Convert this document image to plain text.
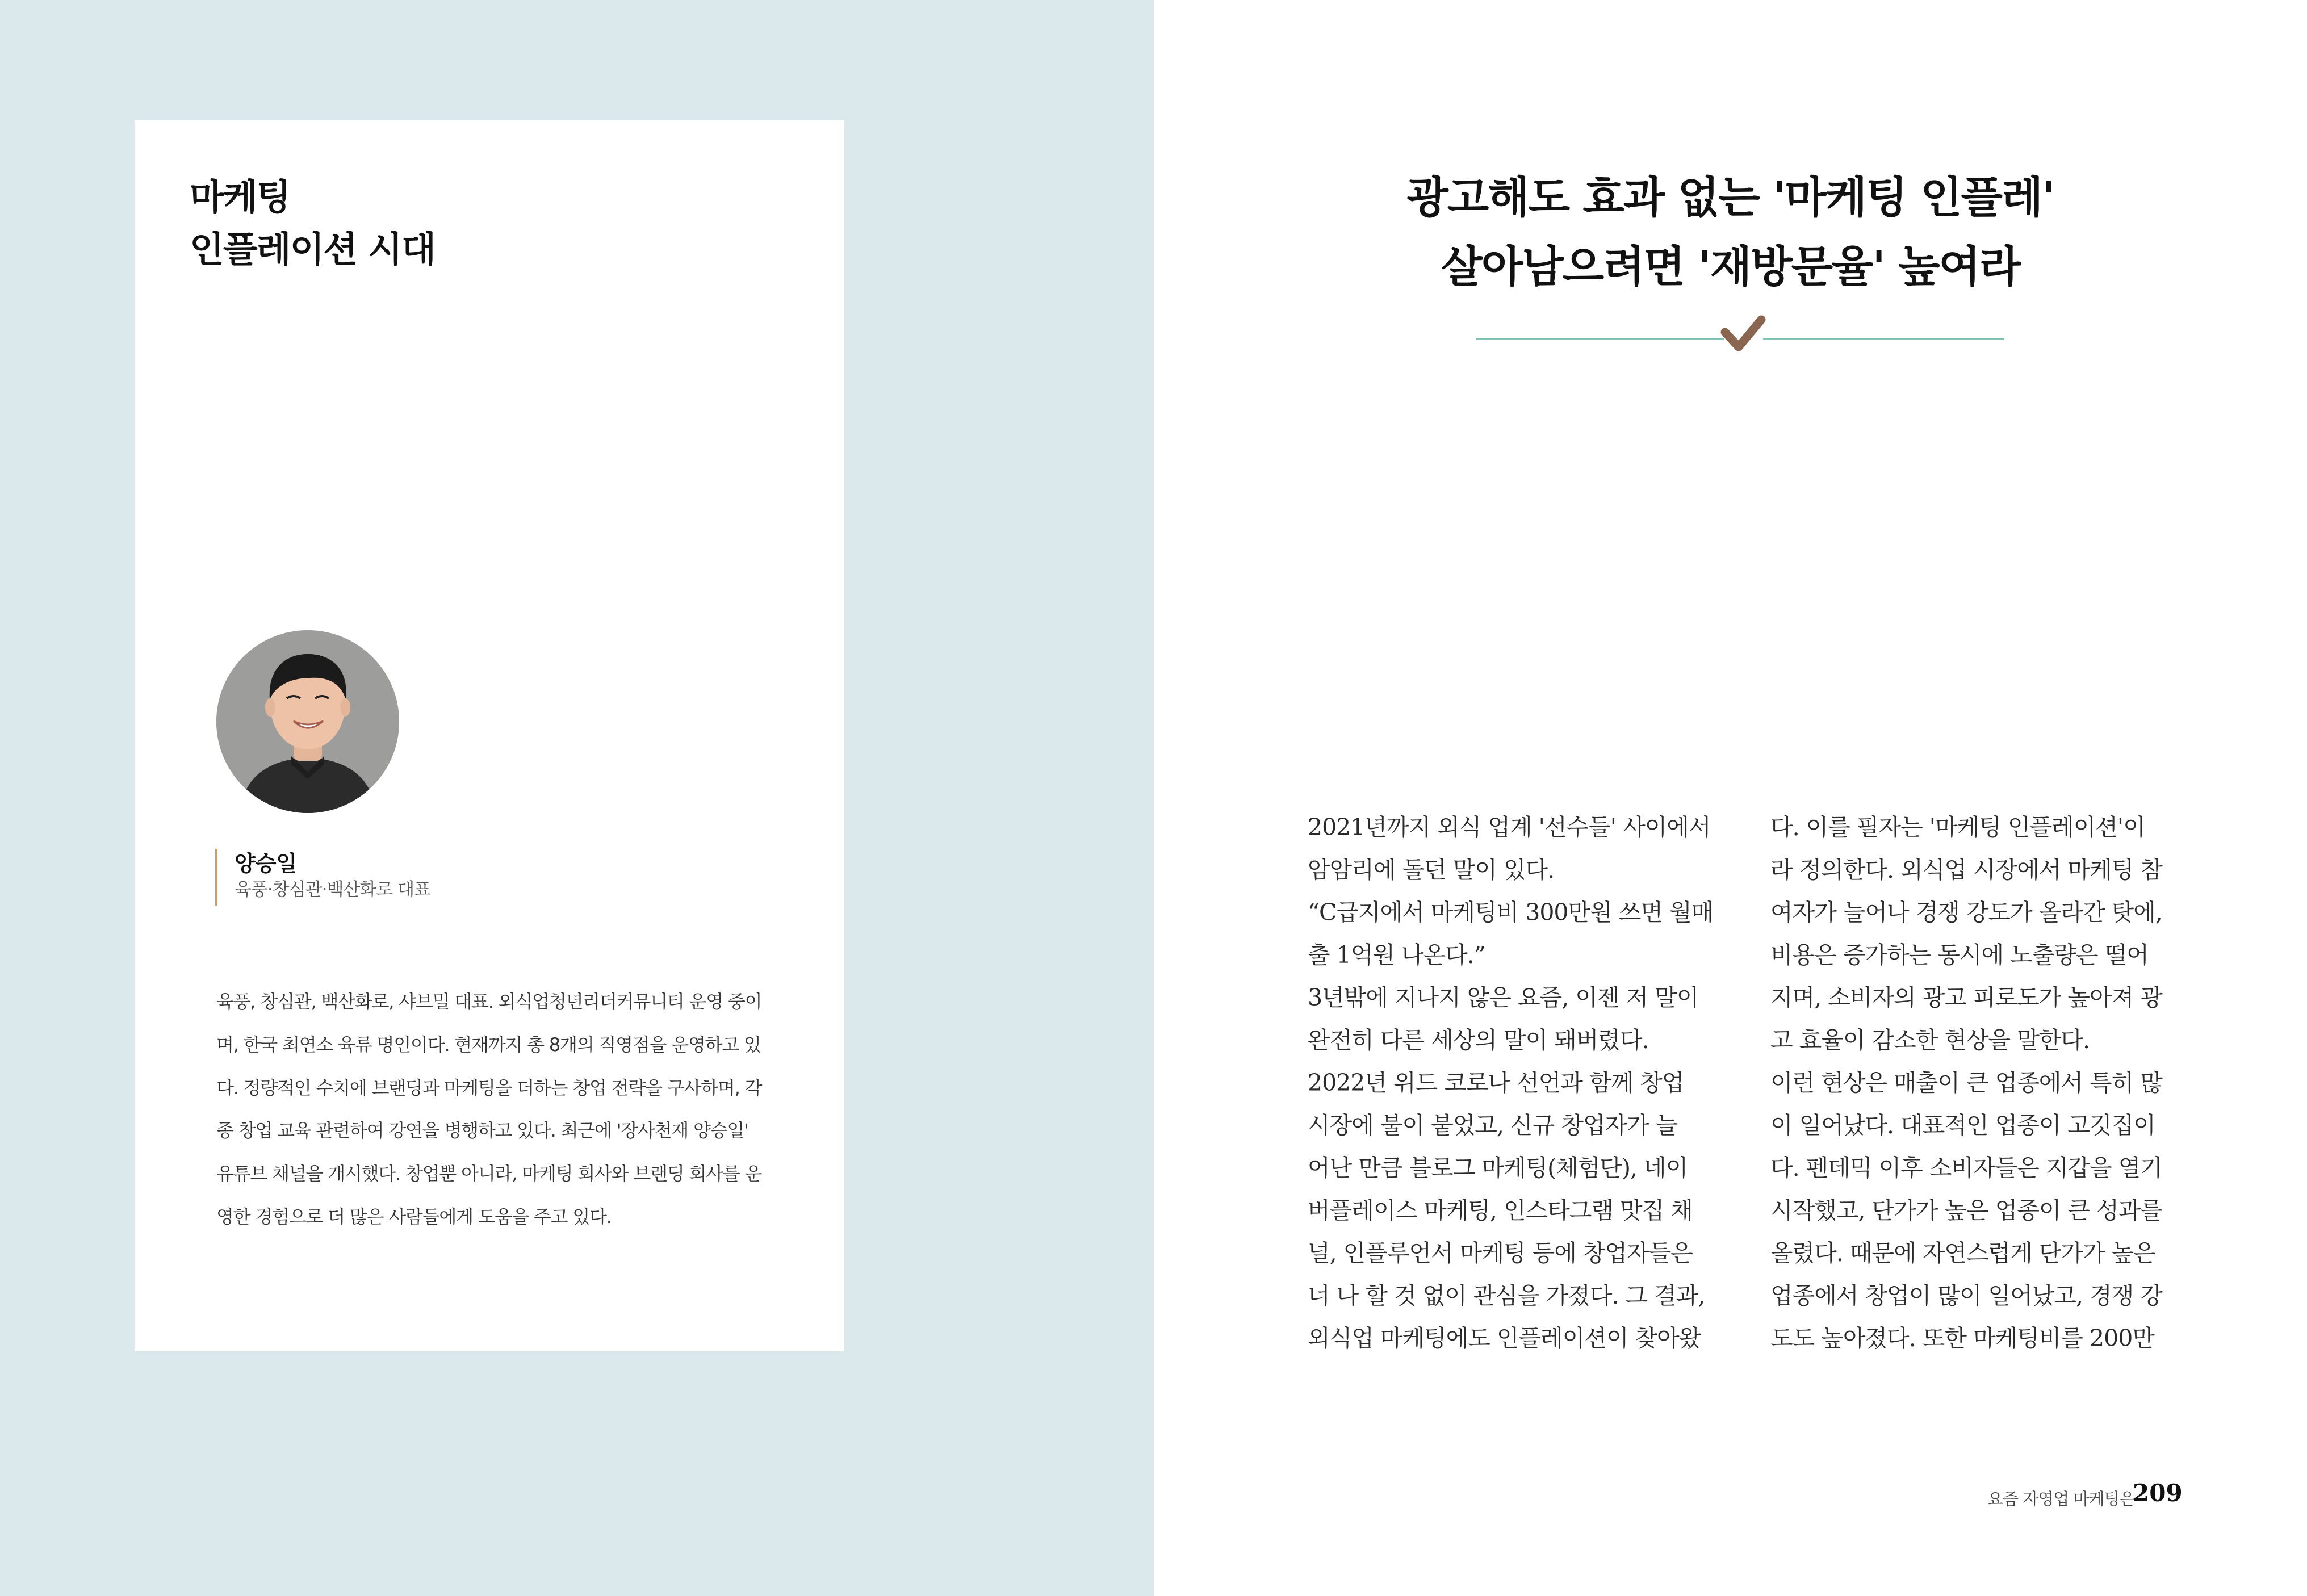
마케팅
인플레이션 시대
양승일
육풍·창심관·백산화로 대표

육풍, 창심관, 백산화로, 샤브밀 대표. 외식업청년리더커뮤니티 운영 중이
며, 한국 최연소 육류 명인이다. 현재까지 총 8개의 직영점을 운영하고 있
다. 정량적인 수치에 브랜딩과 마케팅을 더하는 창업 전략을 구사하며, 각
종 창업 교육 관련하여 강연을 병행하고 있다. 최근에 '장사천재 양승일'
유튜브 채널을 개시했다. 창업뿐 아니라, 마케팅 회사와 브랜딩 회사를 운
영한 경험으로 더 많은 사람들에게 도움을 주고 있다.

광고해도 효과 없는 '마케팅 인플레'
살아남으려면 '재방문율' 높여라
2021년까지 외식 업계 '선수들' 사이에서
암암리에 돌던 말이 있다.
“C급지에서 마케팅비 300만원 쓰면 월매
출 1억원 나온다.”
3년밖에 지나지 않은 요즘, 이젠 저 말이
완전히 다른 세상의 말이 돼버렸다.
2022년 위드 코로나 선언과 함께 창업
시장에 불이 붙었고, 신규 창업자가 늘
어난 만큼 블로그 마케팅(체험단), 네이
버플레이스 마케팅, 인스타그램 맛집 채
널, 인플루언서 마케팅 등에 창업자들은
너 나 할 것 없이 관심을 가졌다. 그 결과,
외식업 마케팅에도 인플레이션이 찾아왔
다. 이를 필자는 '마케팅 인플레이션'이
라 정의한다. 외식업 시장에서 마케팅 참
여자가 늘어나 경쟁 강도가 올라간 탓에,
비용은 증가하는 동시에 노출량은 떨어
지며, 소비자의 광고 피로도가 높아져 광
고 효율이 감소한 현상을 말한다.
이런 현상은 매출이 큰 업종에서 특히 많
이 일어났다. 대표적인 업종이 고깃집이
다. 펜데믹 이후 소비자들은 지갑을 열기
시작했고, 단가가 높은 업종이 큰 성과를
올렸다. 때문에 자연스럽게 단가가 높은
업종에서 창업이 많이 일어났고, 경쟁 강
도도 높아졌다. 또한 마케팅비를 200만
요즘 자영업 마케팅은
209
